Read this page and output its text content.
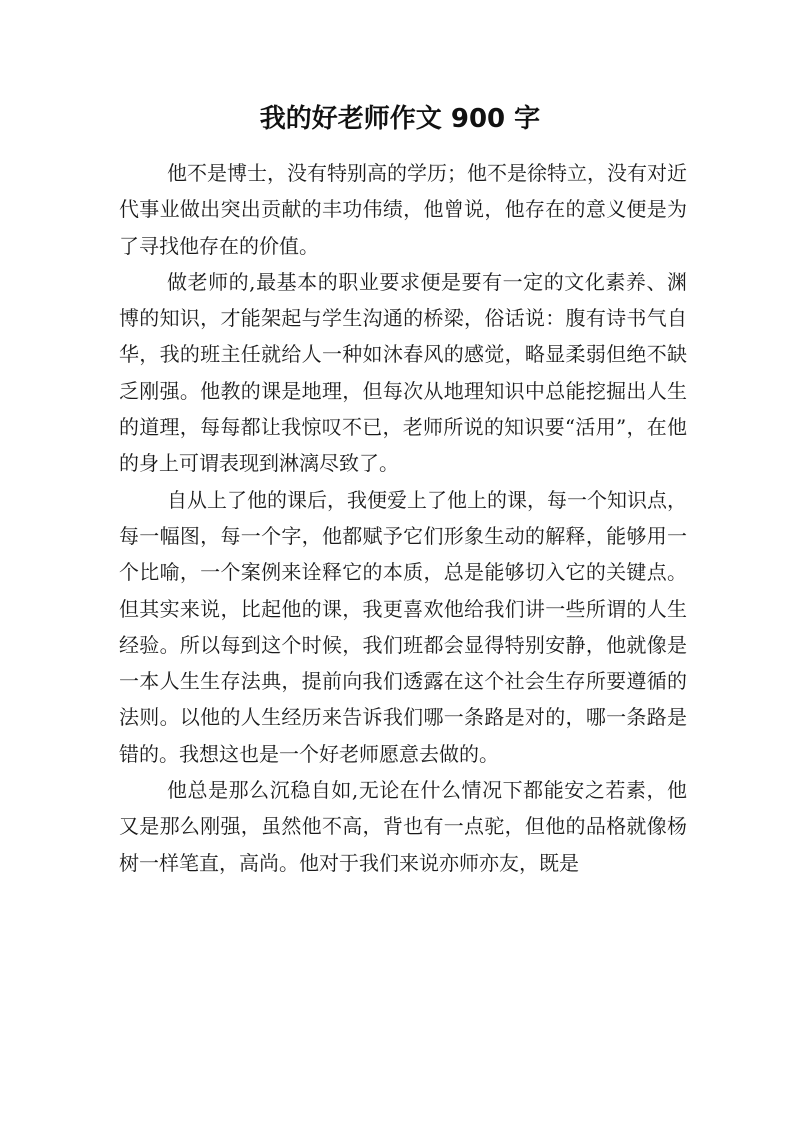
我的好老师作文 900 字

他不是博士，没有特别高的学历；他不是徐特立，没有对近代事业做出突出贡献的丰功伟绩，他曾说，他存在的意义便是为了寻找他存在的价值。

做老师的,最基本的职业要求便是要有一定的文化素养、渊博的知识，才能架起与学生沟通的桥梁，俗话说：腹有诗书气自华，我的班主任就给人一种如沐春风的感觉，略显柔弱但绝不缺乏刚强。他教的课是地理，但每次从地理知识中总能挖掘出人生的道理，每每都让我惊叹不已，老师所说的知识要“活用”，在他的身上可谓表现到淋漓尽致了。

自从上了他的课后，我便爱上了他上的课，每一个知识点，每一幅图，每一个字，他都赋予它们形象生动的解释，能够用一个比喻，一个案例来诠释它的本质，总是能够切入它的关键点。但其实来说，比起他的课，我更喜欢他给我们讲一些所谓的人生经验。所以每到这个时候，我们班都会显得特别安静，他就像是一本人生生存法典，提前向我们透露在这个社会生存所要遵循的法则。以他的人生经历来告诉我们哪一条路是对的，哪一条路是错的。我想这也是一个好老师愿意去做的。

他总是那么沉稳自如,无论在什么情况下都能安之若素，他又是那么刚强，虽然他不高，背也有一点驼，但他的品格就像杨树一样笔直，高尚。他对于我们来说亦师亦友，既是
